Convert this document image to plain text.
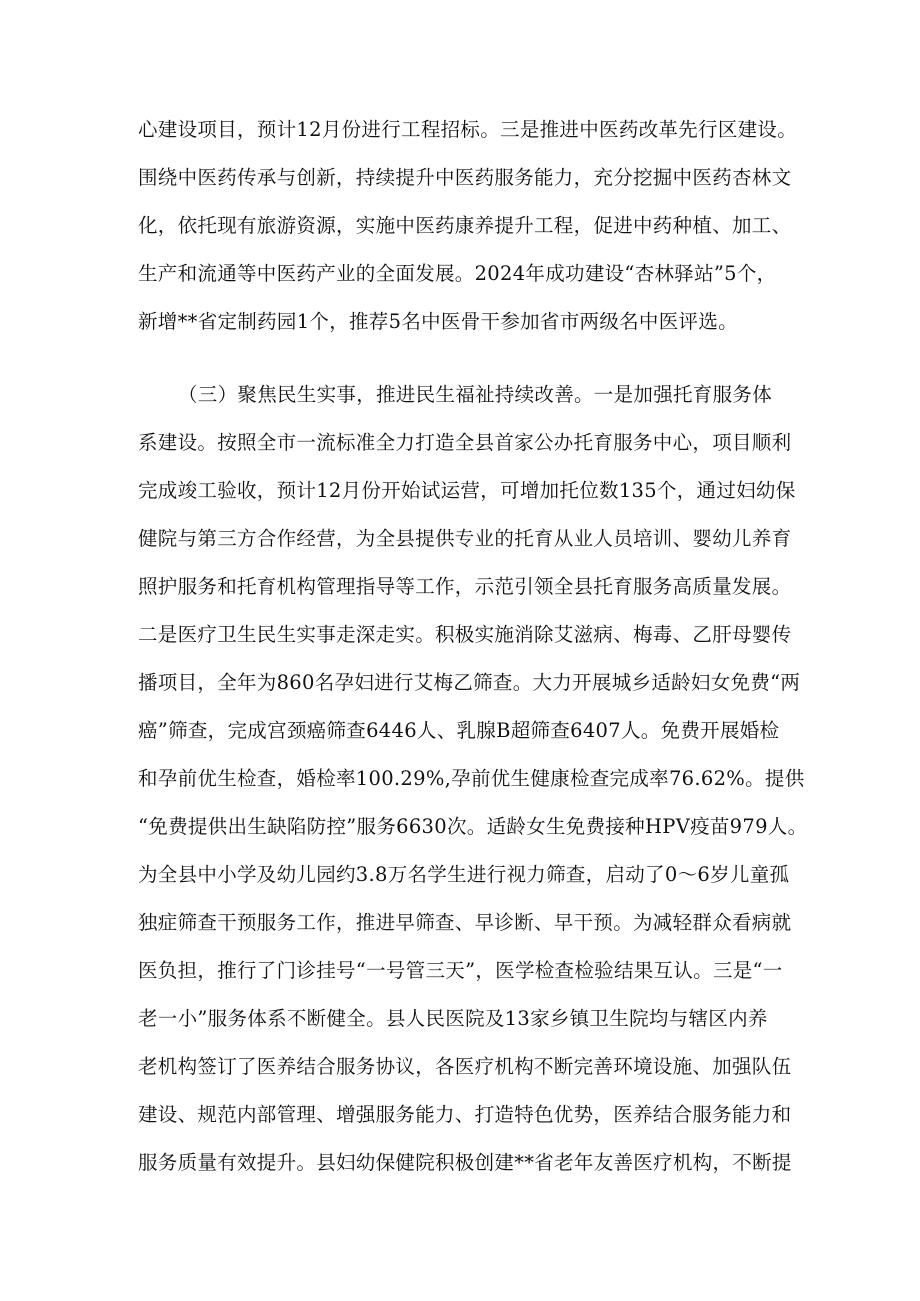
心建设项目，预计12月份进行工程招标。三是推进中医药改革先行区建设。

围绕中医药传承与创新，持续提升中医药服务能力，充分挖掘中医药杏林文

化，依托现有旅游资源，实施中医药康养提升工程，促进中药种植、加工、

生产和流通等中医药产业的全面发展。2024年成功建设“杏林驿站”5个，

新增**省定制药园1个，推荐5名中医骨干参加省市两级名中医评选。

（三）聚焦民生实事，推进民生福祉持续改善。一是加强托育服务体

系建设。按照全市一流标准全力打造全县首家公办托育服务中心，项目顺利

完成竣工验收，预计12月份开始试运营，可增加托位数135个，通过妇幼保

健院与第三方合作经营，为全县提供专业的托育从业人员培训、婴幼儿养育

照护服务和托育机构管理指导等工作，示范引领全县托育服务高质量发展。

二是医疗卫生民生实事走深走实。积极实施消除艾滋病、梅毒、乙肝母婴传

播项目，全年为860名孕妇进行艾梅乙筛查。大力开展城乡适龄妇女免费“两

癌”筛查，完成宫颈癌筛查6446人、乳腺B超筛查6407人。免费开展婚检

和孕前优生检查，婚检率100.29%,孕前优生健康检查完成率76.62%。提供

“免费提供出生缺陷防控”服务6630次。适龄女生免费接种HPV疫苗979人。

为全县中小学及幼儿园约3.8万名学生进行视力筛查，启动了0～6岁儿童孤

独症筛查干预服务工作，推进早筛查、早诊断、早干预。为减轻群众看病就

医负担，推行了门诊挂号“一号管三天”，医学检查检验结果互认。三是“一

老一小”服务体系不断健全。县人民医院及13家乡镇卫生院均与辖区内养

老机构签订了医养结合服务协议，各医疗机构不断完善环境设施、加强队伍

建设、规范内部管理、增强服务能力、打造特色优势，医养结合服务能力和

服务质量有效提升。县妇幼保健院积极创建**省老年友善医疗机构，不断提
